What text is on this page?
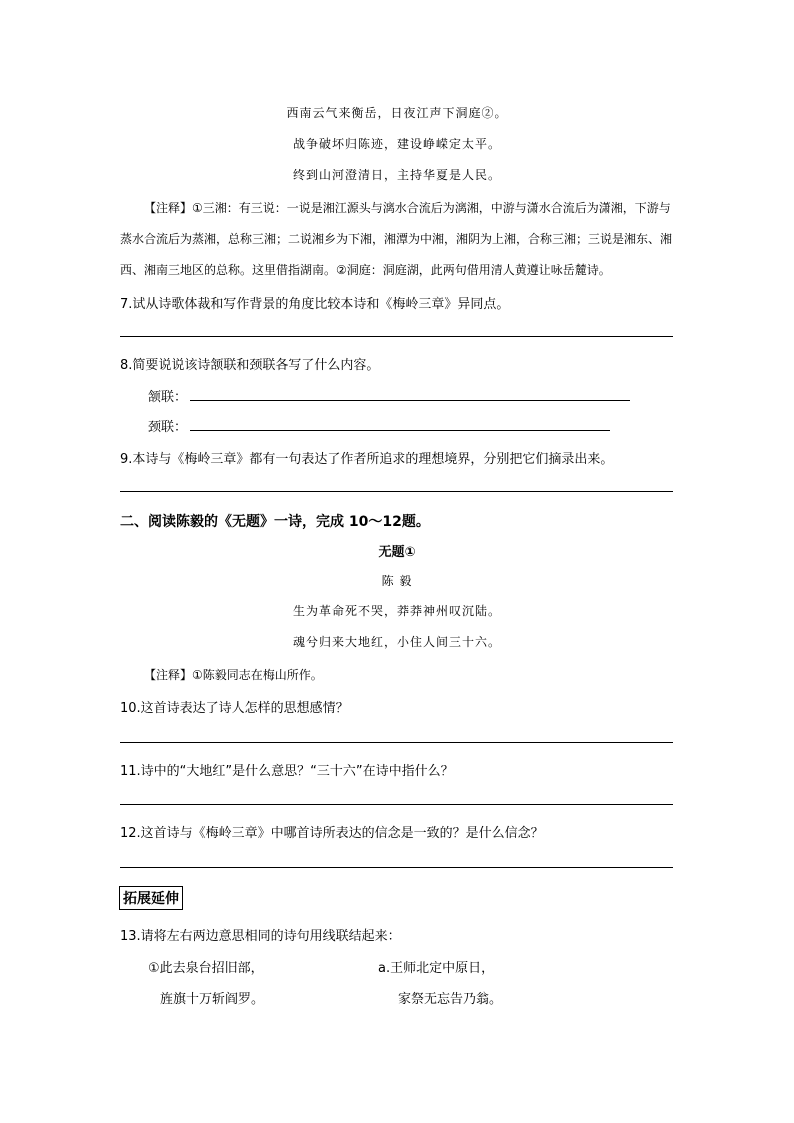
西南云气来衡岳，日夜江声下洞庭②。
战争破坏归陈迹，建设峥嵘定太平。
终到山河澄清日，主持华夏是人民。
【注释】①三湘：有三说：一说是湘江源头与漓水合流后为漓湘，中游与潇水合流后为潇湘，下游与
蒸水合流后为蒸湘，总称三湘；二说湘乡为下湘，湘潭为中湘，湘阴为上湘，合称三湘；三说是湘东、湘
西、湘南三地区的总称。这里借指湖南。②洞庭：洞庭湖，此两句借用清人黄遵让咏岳麓诗。
7.试从诗歌体裁和写作背景的角度比较本诗和《梅岭三章》异同点。
8.简要说说该诗颔联和颈联各写了什么内容。
颔联：
颈联：
9.本诗与《梅岭三章》都有一句表达了作者所追求的理想境界，分别把它们摘录出来。
二、阅读陈毅的《无题》一诗，完成 10～12题。
无题①
陈 毅
生为革命死不哭，莽莽神州叹沉陆。
魂兮归来大地红，小住人间三十六。
【注释】①陈毅同志在梅山所作。
10.这首诗表达了诗人怎样的思想感情？
11.诗中的“大地红”是什么意思？“三十六”在诗中指什么？
12.这首诗与《梅岭三章》中哪首诗所表达的信念是一致的？是什么信念？
拓展延伸
13.请将左右两边意思相同的诗句用线联结起来：
①此去泉台招旧部，
旌旗十万斩阎罗。
a.王师北定中原日，
家祭无忘告乃翁。
